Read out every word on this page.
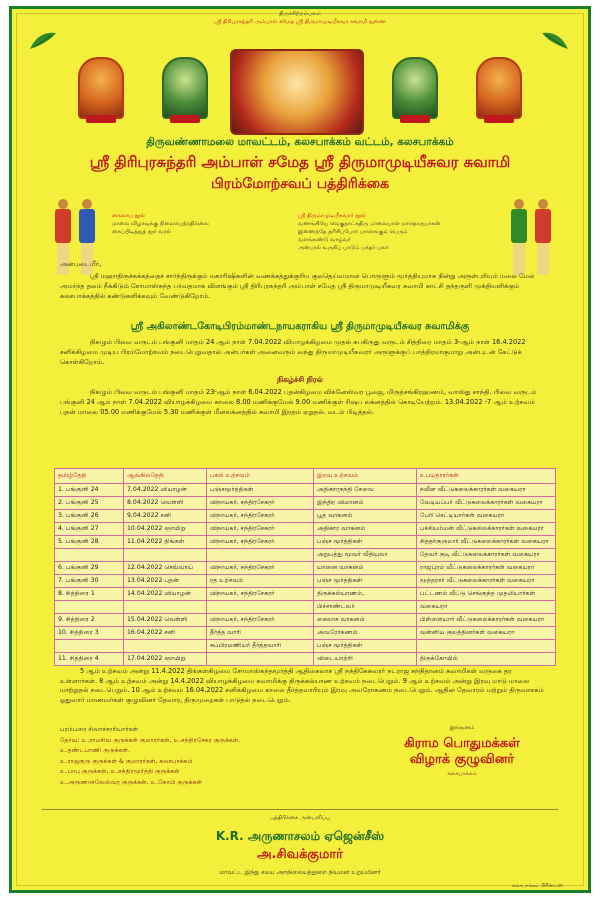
திருச்சிற்றம்பலம்
ஸ்ரீ திரிபுரசுந்தரி அம்பாள் சமேத ஸ்ரீ திருமாமுடியீசுவர சுவாமி துணை
திருவண்ணாமலை மாவட்டம், கலசபாக்கம் வட்டம், கலசபாக்கம்
ஸ்ரீ திரிபுரசுந்தரி அம்பாள் சமேத ஸ்ரீ திருமாமுடியீசுவர சுவாமி
பிரம்மோற்சவப் பத்திரிக்கை
கைலாய நூல்
மாலை விழாவுக்கு நிலைபெற்றதில்லை
கைப்பிடித்துத் தூர் வரல்
ஸ்ரீ திருமாமுடியீசுவரர் நூல்
வணங்கியே வெகுநாட்கதிரு மாலையாள் மாதொருபாகன்
இணைந்தே தரிசிப்போர் பாரெங்கும் பெரும்
வளங்கண்டு வாழ்வர்
அன்பால் உருகிப் பாடும் பக்தர் பலர்
அன்புடையீர்,
ஸ்ரீ மஹாதிருச்சுக்கத்தைச் சார்ந்திருக்கும் மகாரிஷிகளின் வணக்கத்துக்குரிய குலதெய்வமான பொருளும் மூர்த்தியுமாக நின்று அருள்புரியும் மலை மேல் அமர்ந்த தலம் நீக்கிடும் சோமாஸ்கந்த பர்வதமாக விளங்கும் ஸ்ரீ திரிபுரசுந்தரி அம்பாள் சமேத ஸ்ரீ திருமாமுடியீசுவர சுவாமி காட்சி தந்தருளி முக்தியளிக்கும் கலசபாக்கத்தில் கண்டுகளிக்கவும் வேண்டுகிறோம்.
ஸ்ரீ அகிலாண்டகோடிபிரம்மாண்டநாயகராகிய ஸ்ரீ திருமாமுடியீசுவர சுவாமிக்கு
நிகழும் பிலவ வருடம் பங்குனி மாதம் 24 ஆம் நாள் 7.04.2022 வியாழக்கிழமை முதல் சுபகிருது வருடம் சித்திரை மாதம் 3-ஆம் நாள் 16.4.2022 சனிக்கிழமை முடிய பிரம்மோற்சவம் நடைபெறுவதால் அன்பர்கள் அனைவரும் வந்து திருமாமுடியீசுவரர் அருளுக்குப் பாத்திரமாகுமாறு அன்புடன் கேட்டுக் கொள்கிறோம்.
நிகழ்ச்சி நிரல்
நிகழும் பிலவ வருடம் பங்குனி மாதம் 23-ஆம் நாள் 6.04.2022 புதன்கிழமை விக்னேஸ்வர பூஜை, மிருத்சங்கிரஹணம், வாஸ்து சாந்தி. பிலவ வருடம் பங்குனி 24 ஆம் நாள் 7.04.2022 வியாழக்கிழமை காலை 8.00 மணிக்குமேல் 9.00 மணிக்குள் ரிஷப லக்னத்தில் கொடியேற்றம். 13.04.2022 -7 ஆம் உற்சவம் புதன் மாலை 05.00 மணிக்குமேல் 5.30 மணிக்குள் மீனலக்னத்தில் சுவாமி இரதம் ஏறுதல். வடம் பிடித்தல்.
தமிழ்தேதி	ஆங்கிலதேதி	பகல் உற்சவம்	இரவு உற்சவம்	உபயதாரர்கள்
1. பங்குனி 24	7.04.2022 வியாழன்	பஞ்சமூர்த்திகள்	அதிகாரநந்தி சேவை	நவீன வீட்டுகலைக்காரர்கள் வகையரா
2. பங்குனி 25	8.04.2022 வெள்ளி	விநாயகர், சந்திரசேகரர்	இந்திர விமானம்	வேடியப்பர் வீட்டுகலைக்காரர்கள் வகையரா
3. பங்குனி 26	9.04.2022 சனி	விநாயகர், சந்திரசேகரர்	பூத வாகனம்	பேரி செட்டியார்கள் வகையரா
4. பங்குனி 27	10.04.2022 ஞாயிறு	விநாயகர், சந்திரசேகரர்	அதிகார வாகனம்	பச்சியம்மன் வீட்டுகலைக்காரர்கள் வகையரா
5. பங்குனி 28	11.04.2022 திங்கள்	விநாயகர், சந்திரசேகரர்	பஞ்ச மூர்த்திகள்	சித்தர்குருமார் வீட்டுகலைக்காரர்கள் வகையரா
			அறுபத்து மூவர் வீதியுலா	தேவர் குடி வீட்டுகலைக்காரர்கள் வகையரா
6. பங்குனி 29	12.04.2022 செவ்வாய்	விநாயகர், சந்திரசேகரர்	யானை வாகனம்	ராஜபுரம் வீட்டுகலைக்காரர்கள் வகையரா
7. பங்குனி 30	13.04.2022 புதன்	ரத உற்சவம்	பஞ்ச மூர்த்திகள்	மூத்தரசர் வீட்டுகலைக்காரர்கள் வகையரா
8. சித்திரை 1	14.04.2022 வியாழன்	விநாயகர், சந்திரசேகரர்	திருக்கல்யாணம்,	பட்டணம் வீட்டு செங்குந்த முதலியார்கள்
			பிச்சாண்டவர்	வகையரா
9. சித்திரை 2	15.04.2022 வெள்ளி	விநாயகர், சந்திரசேகரர்	கைலாச வாகனம்	பிள்ளையார் வீட்டுகலைக்காரர்கள் வகையரா
10. சித்திரை 3	16.04.2022 சனி	தீர்த்த வாரி	அவரோகணம்	வன்னிய குலத்தினர்கள் வகையரா
		சுப்பிரமணியர் தீர்த்தவாரி	பஞ்ச மூர்த்திகள்	
11. சித்திரை 4	17.04.2022 ஞாயிறு		விடையாற்றி	திருக்கோயில்
5 ஆம் உற்சவம் அன்று 11.4.2022 திங்கள்கிழமை சோமாஸ்கந்தமூர்த்தி ஆதிகைலாச ஸ்ரீ நந்திகேசுவரர் நடராஜ சந்நிதானம் சுவாமிகள் வருகை தர உள்ளார்கள். 8 ஆம் உற்சவம் அன்று 14.4.2022 வியாழக்கிழமை சுவாமிக்கு திருக்கல்யாண உற்சவம் நடைபெறும். 9 ஆம் உற்சவம் அன்று இரவு மாடு மாலை மாற்றுதல் நடைபெறும். 10 ஆம் உற்சவம் 16.04.2022 சனிக்கிழமை காலை தீர்த்தவாரியும் இரவு அவரோகணம் நடைபெறும். ஆதின தேவாரம் மற்றும் திருவாசகம் ஓதுவார் மாணவர்கள் குழுவினர் தேவார, திருமுறைகள் பாடுதல் நடைபெறும்.
பரம்பரை சிவாச்சாரியார்கள்
தேர்வு: உ.ராமசிவ குருக்கள் குமாரர்கள், உ.சந்திரசேகர குருக்கள்.
உ.தண்டபாணி குருக்கள்.
உ.ராஜகுரு குருக்கள் & குமாரர்கள், கலசபாக்கம்
உ.பாபு குருக்கள், உ.சந்திரமூர்த்தி குருக்கள்
உ.அருணாசலேஸ்வர குருக்கள், உ.கோபி குருக்கள்
இங்ஙனம்
கிராம பொதுமக்கள்
விழாக் குழுவினர்
கலசபாக்கம்
பத்திரிக்கை அன்பளிப்பு
K.R. அருணாசலம் ஏஜென்சீஸ்
அ.சிவக்குமார்
மாவட்ட இந்து சமய அறநிலையத்துறை நியமன உறுப்பினர்
கலசபாக்கம் பிரின்ட்ஸ்
